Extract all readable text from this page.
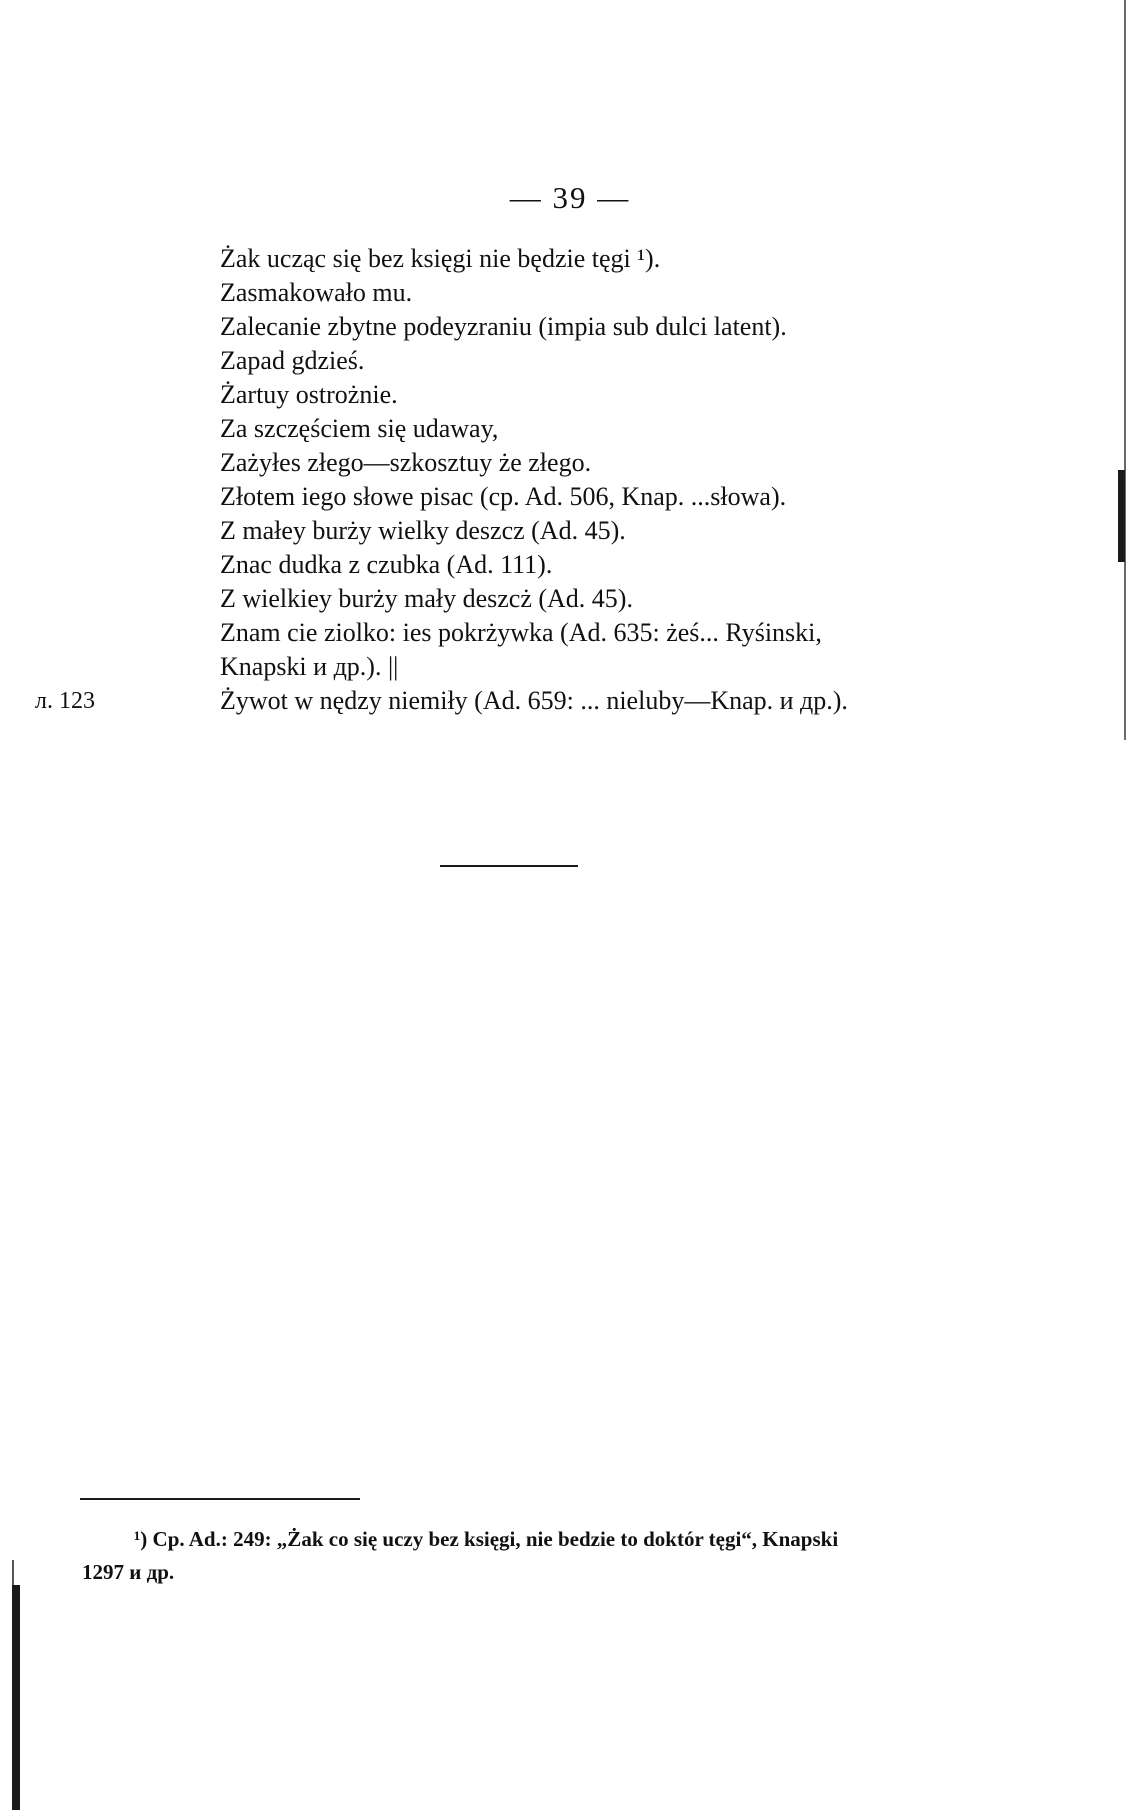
— 39 —
Żak ucząc się bez księgi nie będzie tęgi ¹).
Zasmakowało mu.
Zalecanie zbytne podeyzraniu (impia sub dulci latent).
Zapad gdzieś.
Żartuy ostrożnie.
Za szczęściem się udaway,
Zażyłes złego—szkosztuy że złego.
Złotem iego słowe pisac (cp. Ad. 506, Knap. ...słowa).
Z małey burży wielky deszcz (Ad. 45).
Znac dudka z czubka (Ad. 111).
Z wielkiey burży mały deszcż (Ad. 45).
Znam cie ziolko: ies pokrżywka (Ad. 635: żeś... Ryśinski,
Knapski и др.). ||
л. 123	Żywot w nędzy niemiły (Ad. 659: ... nieluby—Knap. и др.).
¹) Cp. Ad.: 249: „Żak co się uczy bez księgi, nie bedzie to doktór tęgi“, Knapski
1297 и др.
